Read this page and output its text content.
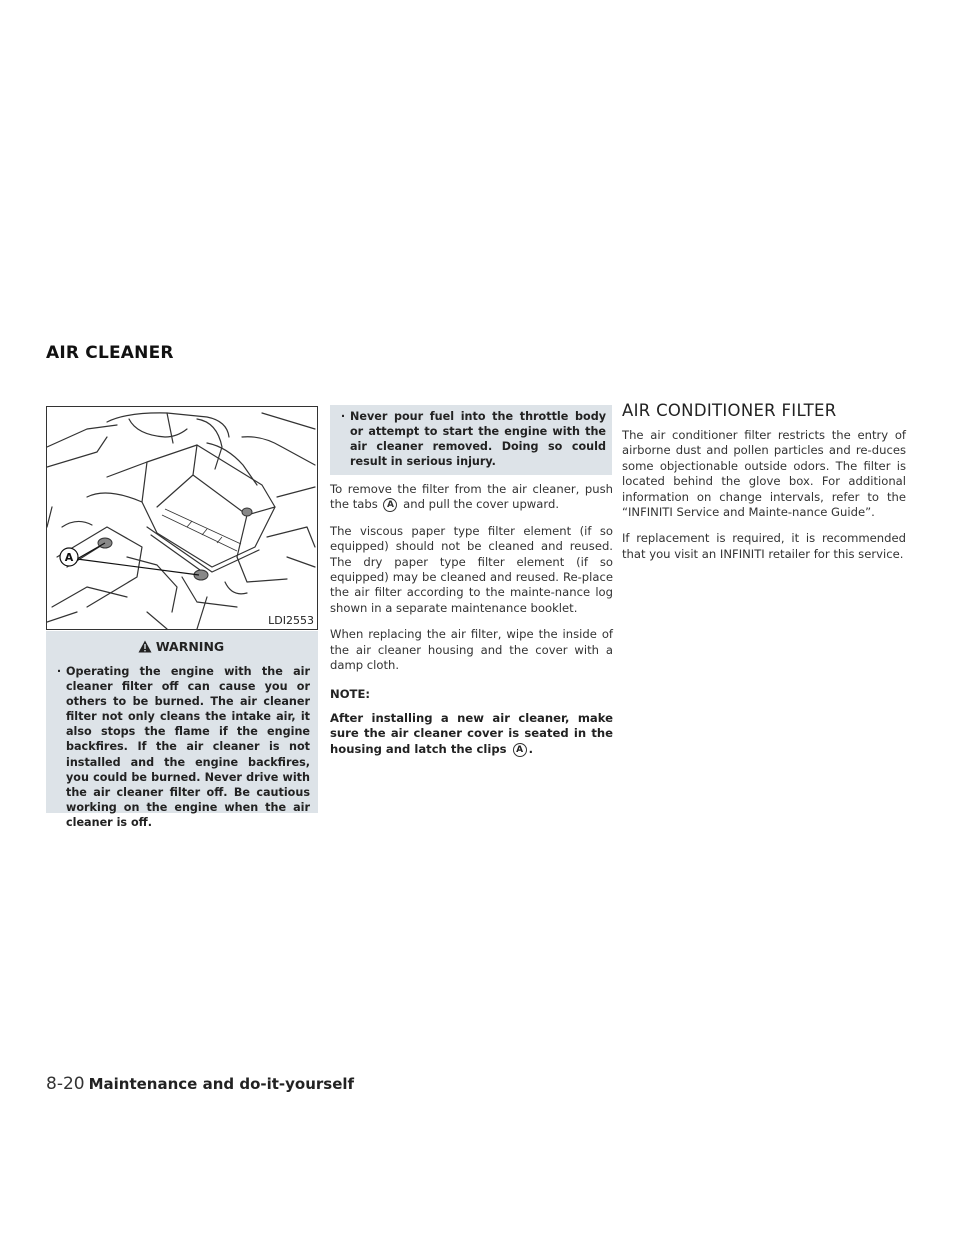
AIR CLEANER
A
LDI2553
WARNING
· Operating the engine with the air cleaner filter off can cause you or others to be burned. The air cleaner filter not only cleans the intake air, it also stops the flame if the engine backfires. If the air cleaner is not installed and the engine backfires, you could be burned. Never drive with the air cleaner filter off. Be cautious working on the engine when the air cleaner is off.
· Never pour fuel into the throttle body or attempt to start the engine with the air cleaner removed. Doing so could result in serious injury.

To remove the filter from the air cleaner, push the tabs A and pull the cover upward.

The viscous paper type filter element (if so equipped) should not be cleaned and reused. The dry paper type filter element (if so equipped) may be cleaned and reused. Re-place the air filter according to the mainte-nance log shown in a separate maintenance booklet.

When replacing the air filter, wipe the inside of the air cleaner housing and the cover with a damp cloth.

NOTE:
After installing a new air cleaner, make sure the air cleaner cover is seated in the housing and latch the clips A .
AIR CONDITIONER FILTER

The air conditioner filter restricts the entry of airborne dust and pollen particles and re-duces some objectionable outside odors. The filter is located behind the glove box. For additional information on change intervals, refer to the “INFINITI Service and Mainte-nance Guide”.

If replacement is required, it is recommended that you visit an INFINITI retailer for this service.

8-20 Maintenance and do-it-yourself
